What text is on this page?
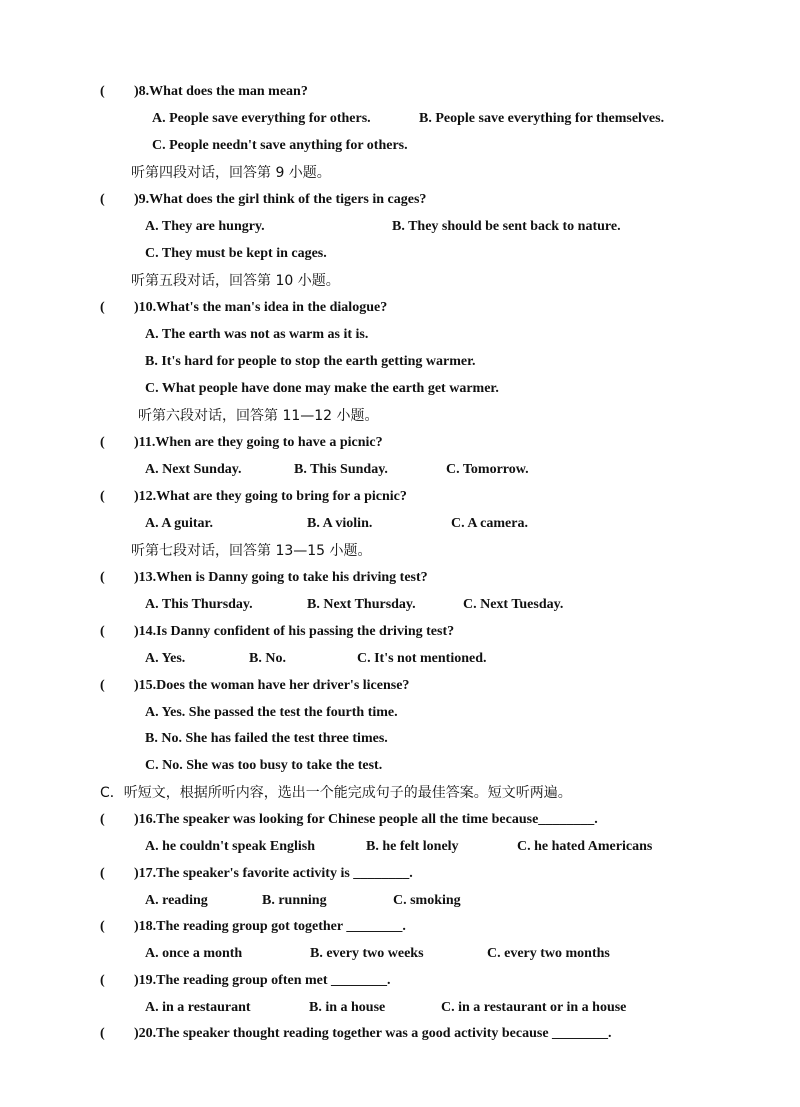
( )8.What does the man mean?
A. People save everything for others.	B. People save everything for themselves.
C. People needn't save anything for others.
听第四段对话，回答第 9 小题。
( )9.What does the girl think of the tigers in cages?
A. They are hungry.	B. They should be sent back to nature.
C. They must be kept in cages.
听第五段对话，回答第 10 小题。
( )10.What's the man's idea in the dialogue?
A. The earth was not as warm as it is.
B. It's hard for people to stop the earth getting warmer.
C. What people have done may make the earth get warmer.
听第六段对话，回答第 11—12 小题。
( )11.When are they going to have a picnic?
A. Next Sunday.	B. This Sunday.	C. Tomorrow.
( )12.What are they going to bring for a picnic?
A. A guitar.	B. A violin.	C. A camera.
听第七段对话，回答第 13—15 小题。
( )13.When is Danny going to take his driving test?
A. This Thursday.	B. Next Thursday.	C. Next Tuesday.
( )14.Is Danny confident of his passing the driving test?
A. Yes.	B. No.	C. It's not mentioned.
( )15.Does the woman have her driver's license?
A. Yes. She passed the test the fourth time.
B. No. She has failed the test three times.
C. No. She was too busy to take the test.
C．听短文，根据所听内容，选出一个能完成句子的最佳答案。短文听两遍。
( )16.The speaker was looking for Chinese people all the time because________.
A. he couldn't speak English	B. he felt lonely	C. he hated Americans
( )17.The speaker's favorite activity is ________.
A. reading	B. running	C. smoking
( )18.The reading group got together ________.
A. once a month	B. every two weeks	C. every two months
( )19.The reading group often met ________.
A. in a restaurant	B. in a house	C. in a restaurant or in a house
( )20.The speaker thought reading together was a good activity because ________.
